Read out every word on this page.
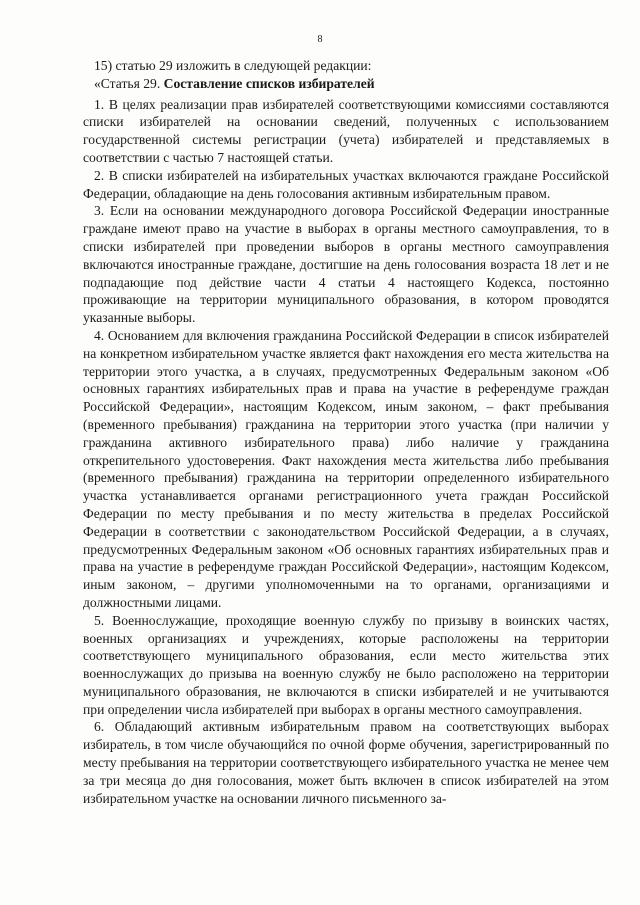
8

15) статью 29 изложить в следующей редакции:

«Статья 29. Составление списков избирателей

1. В целях реализации прав избирателей соответствующими комиссиями составляются списки избирателей на основании сведений, полученных с использованием государственной системы регистрации (учета) избирателей и представляемых в соответствии с частью 7 настоящей статьи.

2. В списки избирателей на избирательных участках включаются граждане Российской Федерации, обладающие на день голосования активным избирательным правом.

3. Если на основании международного договора Российской Федерации иностранные граждане имеют право на участие в выборах в органы местного самоуправления, то в списки избирателей при проведении выборов в органы местного самоуправления включаются иностранные граждане, достигшие на день голосования возраста 18 лет и не подпадающие под действие части 4 статьи 4 настоящего Кодекса, постоянно проживающие на территории муниципального образования, в котором проводятся указанные выборы.

4. Основанием для включения гражданина Российской Федерации в список избирателей на конкретном избирательном участке является факт нахождения его места жительства на территории этого участка, а в случаях, предусмотренных Федеральным законом «Об основных гарантиях избирательных прав и права на участие в референдуме граждан Российской Федерации», настоящим Кодексом, иным законом, – факт пребывания (временного пребывания) гражданина на территории этого участка (при наличии у гражданина активного избирательного права) либо наличие у гражданина открепительного удостоверения. Факт нахождения места жительства либо пребывания (временного пребывания) гражданина на территории определенного избирательного участка устанавливается органами регистрационного учета граждан Российской Федерации по месту пребывания и по месту жительства в пределах Российской Федерации в соответствии с законодательством Российской Федерации, а в случаях, предусмотренных Федеральным законом «Об основных гарантиях избирательных прав и права на участие в референдуме граждан Российской Федерации», настоящим Кодексом, иным законом, – другими уполномоченными на то органами, организациями и должностными лицами.

5. Военнослужащие, проходящие военную службу по призыву в воинских частях, военных организациях и учреждениях, которые расположены на территории соответствующего муниципального образования, если место жительства этих военнослужащих до призыва на военную службу не было расположено на территории муниципального образования, не включаются в списки избирателей и не учитываются при определении числа избирателей при выборах в органы местного самоуправления.

6. Обладающий активным избирательным правом на соответствующих выборах избиратель, в том числе обучающийся по очной форме обучения, зарегистрированный по месту пребывания на территории соответствующего избирательного участка не менее чем за три месяца до дня голосования, может быть включен в список избирателей на этом избирательном участке на основании личного письменного за-
